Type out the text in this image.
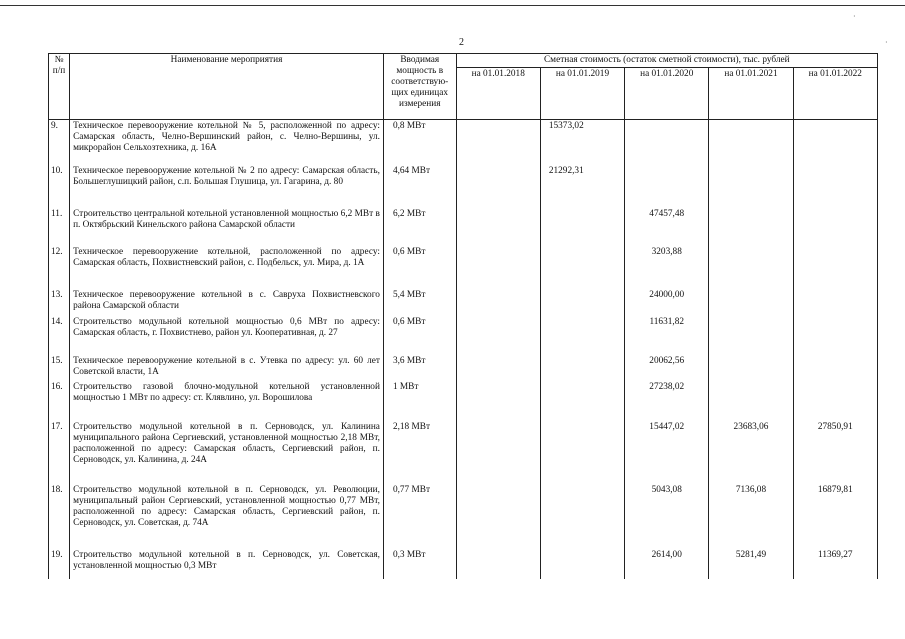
2
·
·
№ п/п	Наименование мероприятия	Вводимая мощность в соответствую-щих единицах измерения	Сметная стоимость (остаток сметной стоимости), тыс. рублей				
			на 01.01.2018	на 01.01.2019	на 01.01.2020	на 01.01.2021	на 01.01.2022
9.	Техническое перевооружение котельной № 5, расположенной по адресу: Самарская область, Челно-Вершинский район, с. Челно-Вершины, ул. микрорайон Сельхозтехника, д. 16А	0,8 МВт		15373,02			
10.	Техническое перевооружение котельной № 2 по адресу: Самарская область, Большеглушицкий район, с.п. Большая Глушица, ул. Гагарина, д. 80	4,64 МВт		21292,31			
11.	Строительство центральной котельной установленной мощностью 6,2 МВт в п. Октябрьский Кинельского района Самарской области	6,2 МВт			47457,48		
12.	Техническое перевооружение котельной, расположенной по адресу: Самарская область, Похвистневский район, с. Подбельск, ул. Мира, д. 1А	0,6 МВт			3203,88		
13.	Техническое перевооружение котельной в с. Савруха Похвистневского района Самарской области	5,4 МВт			24000,00		
14.	Строительство модульной котельной мощностью 0,6 МВт по адресу: Самарская область, г. Похвистнево, район ул. Кооперативная, д. 27	0,6 МВт			11631,82		
15.	Техническое перевооружение котельной в с. Утевка по адресу: ул. 60 лет Советской власти, 1А	3,6 МВт			20062,56		
16.	Строительство газовой блочно-модульной котельной установленной мощностью 1 МВт по адресу: ст. Клявлино, ул. Ворошилова	1 МВт			27238,02		
17.	Строительство модульной котельной в п. Серноводск, ул. Калинина муниципального района Сергиевский, установленной мощностью 2,18 МВт, расположенной по адресу: Самарская область, Сергиевский район, п. Серноводск, ул. Калинина, д. 24А	2,18 МВт			15447,02	23683,06	27850,91
18.	Строительство модульной котельной в п. Серноводск, ул. Революции, муниципальный район Сергиевский, установленной мощностью 0,77 МВт, расположенной по адресу: Самарская область, Сергиевский район, п. Серноводск, ул. Советская, д. 74А	0,77 МВт			5043,08	7136,08	16879,81
19.	Строительство модульной котельной в п. Серноводск, ул. Советская, установленной мощностью 0,3 МВт	0,3 МВт			2614,00	5281,49	11369,27
